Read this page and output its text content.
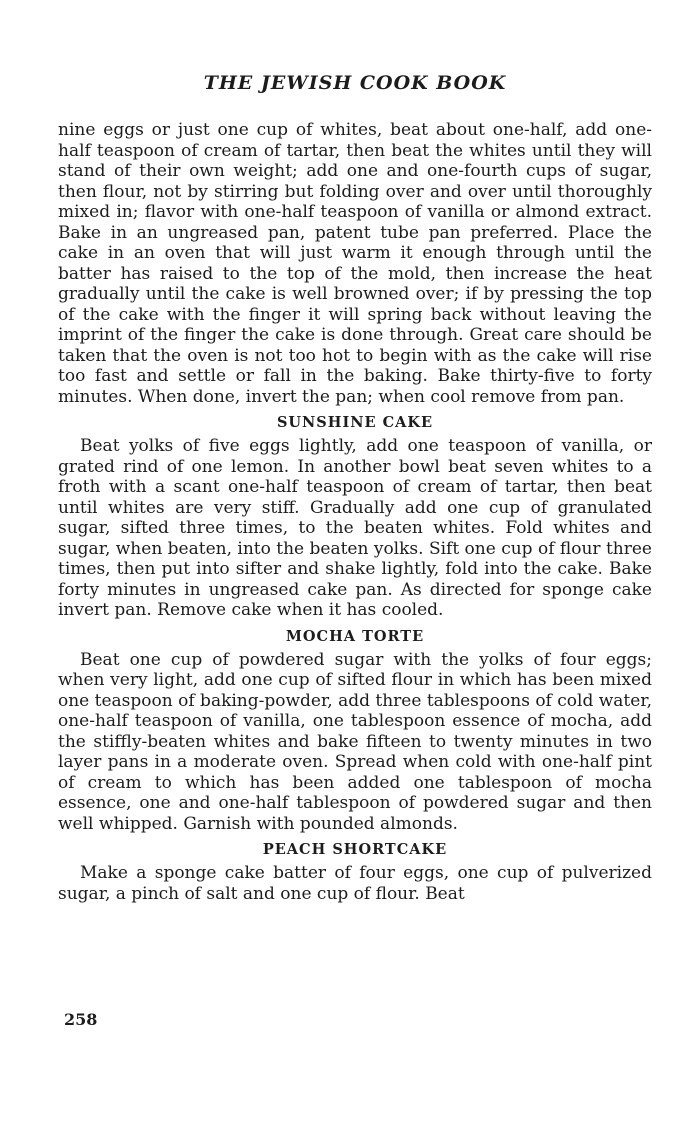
THE JEWISH COOK BOOK

nine eggs or just one cup of whites, beat about one-half, add one-half teaspoon of cream of tartar, then beat the whites until they will stand of their own weight; add one and one-fourth cups of sugar, then flour, not by stirring but folding over and over until thoroughly mixed in; flavor with one-half teaspoon of vanilla or almond extract. Bake in an ungreased pan, patent tube pan preferred. Place the cake in an oven that will just warm it enough through until the batter has raised to the top of the mold, then increase the heat gradually until the cake is well browned over; if by pressing the top of the cake with the finger it will spring back without leaving the imprint of the finger the cake is done through. Great care should be taken that the oven is not too hot to begin with as the cake will rise too fast and settle or fall in the baking. Bake thirty-five to forty minutes. When done, invert the pan; when cool remove from pan.

SUNSHINE CAKE

Beat yolks of five eggs lightly, add one teaspoon of vanilla, or grated rind of one lemon. In another bowl beat seven whites to a froth with a scant one-half teaspoon of cream of tartar, then beat until whites are very stiff. Gradually add one cup of granulated sugar, sifted three times, to the beaten whites. Fold whites and sugar, when beaten, into the beaten yolks. Sift one cup of flour three times, then put into sifter and shake lightly, fold into the cake. Bake forty minutes in ungreased cake pan. As directed for sponge cake invert pan. Remove cake when it has cooled.

MOCHA TORTE

Beat one cup of powdered sugar with the yolks of four eggs; when very light, add one cup of sifted flour in which has been mixed one teaspoon of baking-powder, add three tablespoons of cold water, one-half teaspoon of vanilla, one tablespoon essence of mocha, add the stiffly-beaten whites and bake fifteen to twenty minutes in two layer pans in a moderate oven. Spread when cold with one-half pint of cream to which has been added one tablespoon of mocha essence, one and one-half tablespoon of powdered sugar and then well whipped. Garnish with pounded almonds.

PEACH SHORTCAKE

Make a sponge cake batter of four eggs, one cup of pulverized sugar, a pinch of salt and one cup of flour. Beat

258
